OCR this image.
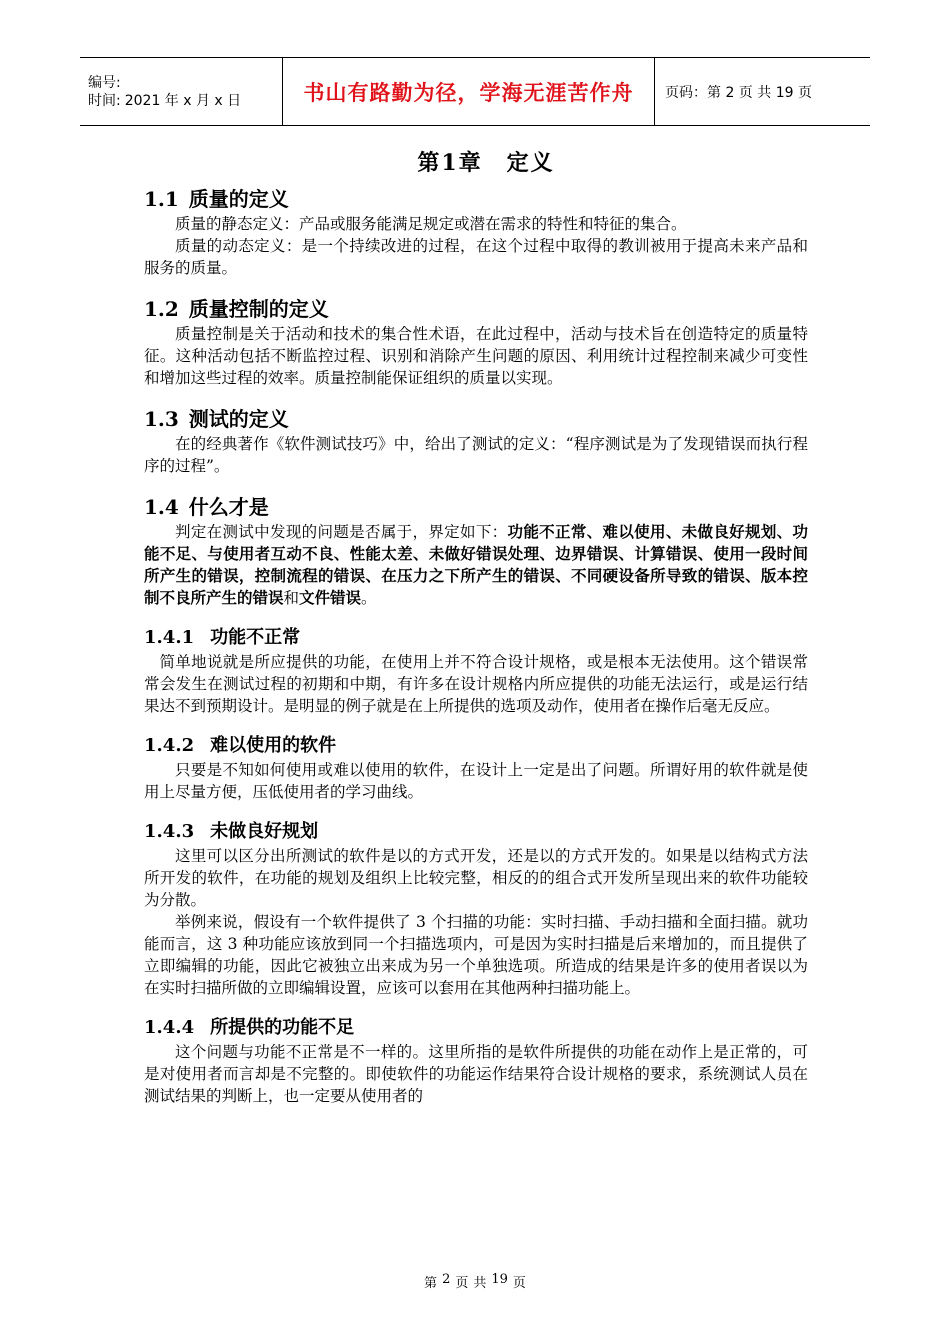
编号:
时间: 2021 年 x 月 x 日	书山有路勤为径，学海无涯苦作舟 页码：第 2 页 共 19 页
第1章　定义
1.1 质量的定义

质量的静态定义：产品或服务能满足规定或潜在需求的特性和特征的集合。

质量的动态定义：是一个持续改进的过程，在这个过程中取得的教训被用于提高未来产品和服务的质量。

1.2 质量控制的定义

质量控制是关于活动和技术的集合性术语，在此过程中，活动与技术旨在创造特定的质量特征。这种活动包括不断监控过程、识别和消除产生问题的原因、利用统计过程控制来减少可变性和增加这些过程的效率。质量控制能保证组织的质量以实现。

1.3 测试的定义

在的经典著作《软件测试技巧》中，给出了测试的定义：“程序测试是为了发现错误而执行程序的过程”。

1.4 什么才是

判定在测试中发现的问题是否属于，界定如下：功能不正常、难以使用、未做良好规划、功能不足、与使用者互动不良、性能太差、未做好错误处理、边界错误、计算错误、使用一段时间所产生的错误，控制流程的错误、在压力之下所产生的错误、不同硬设备所导致的错误、版本控制不良所产生的错误和文件错误。

1.4.1 功能不正常

简单地说就是所应提供的功能，在使用上并不符合设计规格，或是根本无法使用。这个错误常常会发生在测试过程的初期和中期，有许多在设计规格内所应提供的功能无法运行，或是运行结果达不到预期设计。是明显的例子就是在上所提供的选项及动作，使用者在操作后毫无反应。

1.4.2 难以使用的软件

只要是不知如何使用或难以使用的软件，在设计上一定是出了问题。所谓好用的软件就是使用上尽量方便，压低使用者的学习曲线。

1.4.3 未做良好规划

这里可以区分出所测试的软件是以的方式开发，还是以的方式开发的。如果是以结构式方法所开发的软件，在功能的规划及组织上比较完整，相反的的组合式开发所呈现出来的软件功能较为分散。

举例来说，假设有一个软件提供了 3 个扫描的功能：实时扫描、手动扫描和全面扫描。就功能而言，这 3 种功能应该放到同一个扫描选项内，可是因为实时扫描是后来增加的，而且提供了立即编辑的功能，因此它被独立出来成为另一个单独选项。所造成的结果是许多的使用者误以为在实时扫描所做的立即编辑设置，应该可以套用在其他两种扫描功能上。

1.4.4 所提供的功能不足

这个问题与功能不正常是不一样的。这里所指的是软件所提供的功能在动作上是正常的，可是对使用者而言却是不完整的。即使软件的功能运作结果符合设计规格的要求，系统测试人员在测试结果的判断上，也一定要从使用者的

第 2 页 共 19 页
